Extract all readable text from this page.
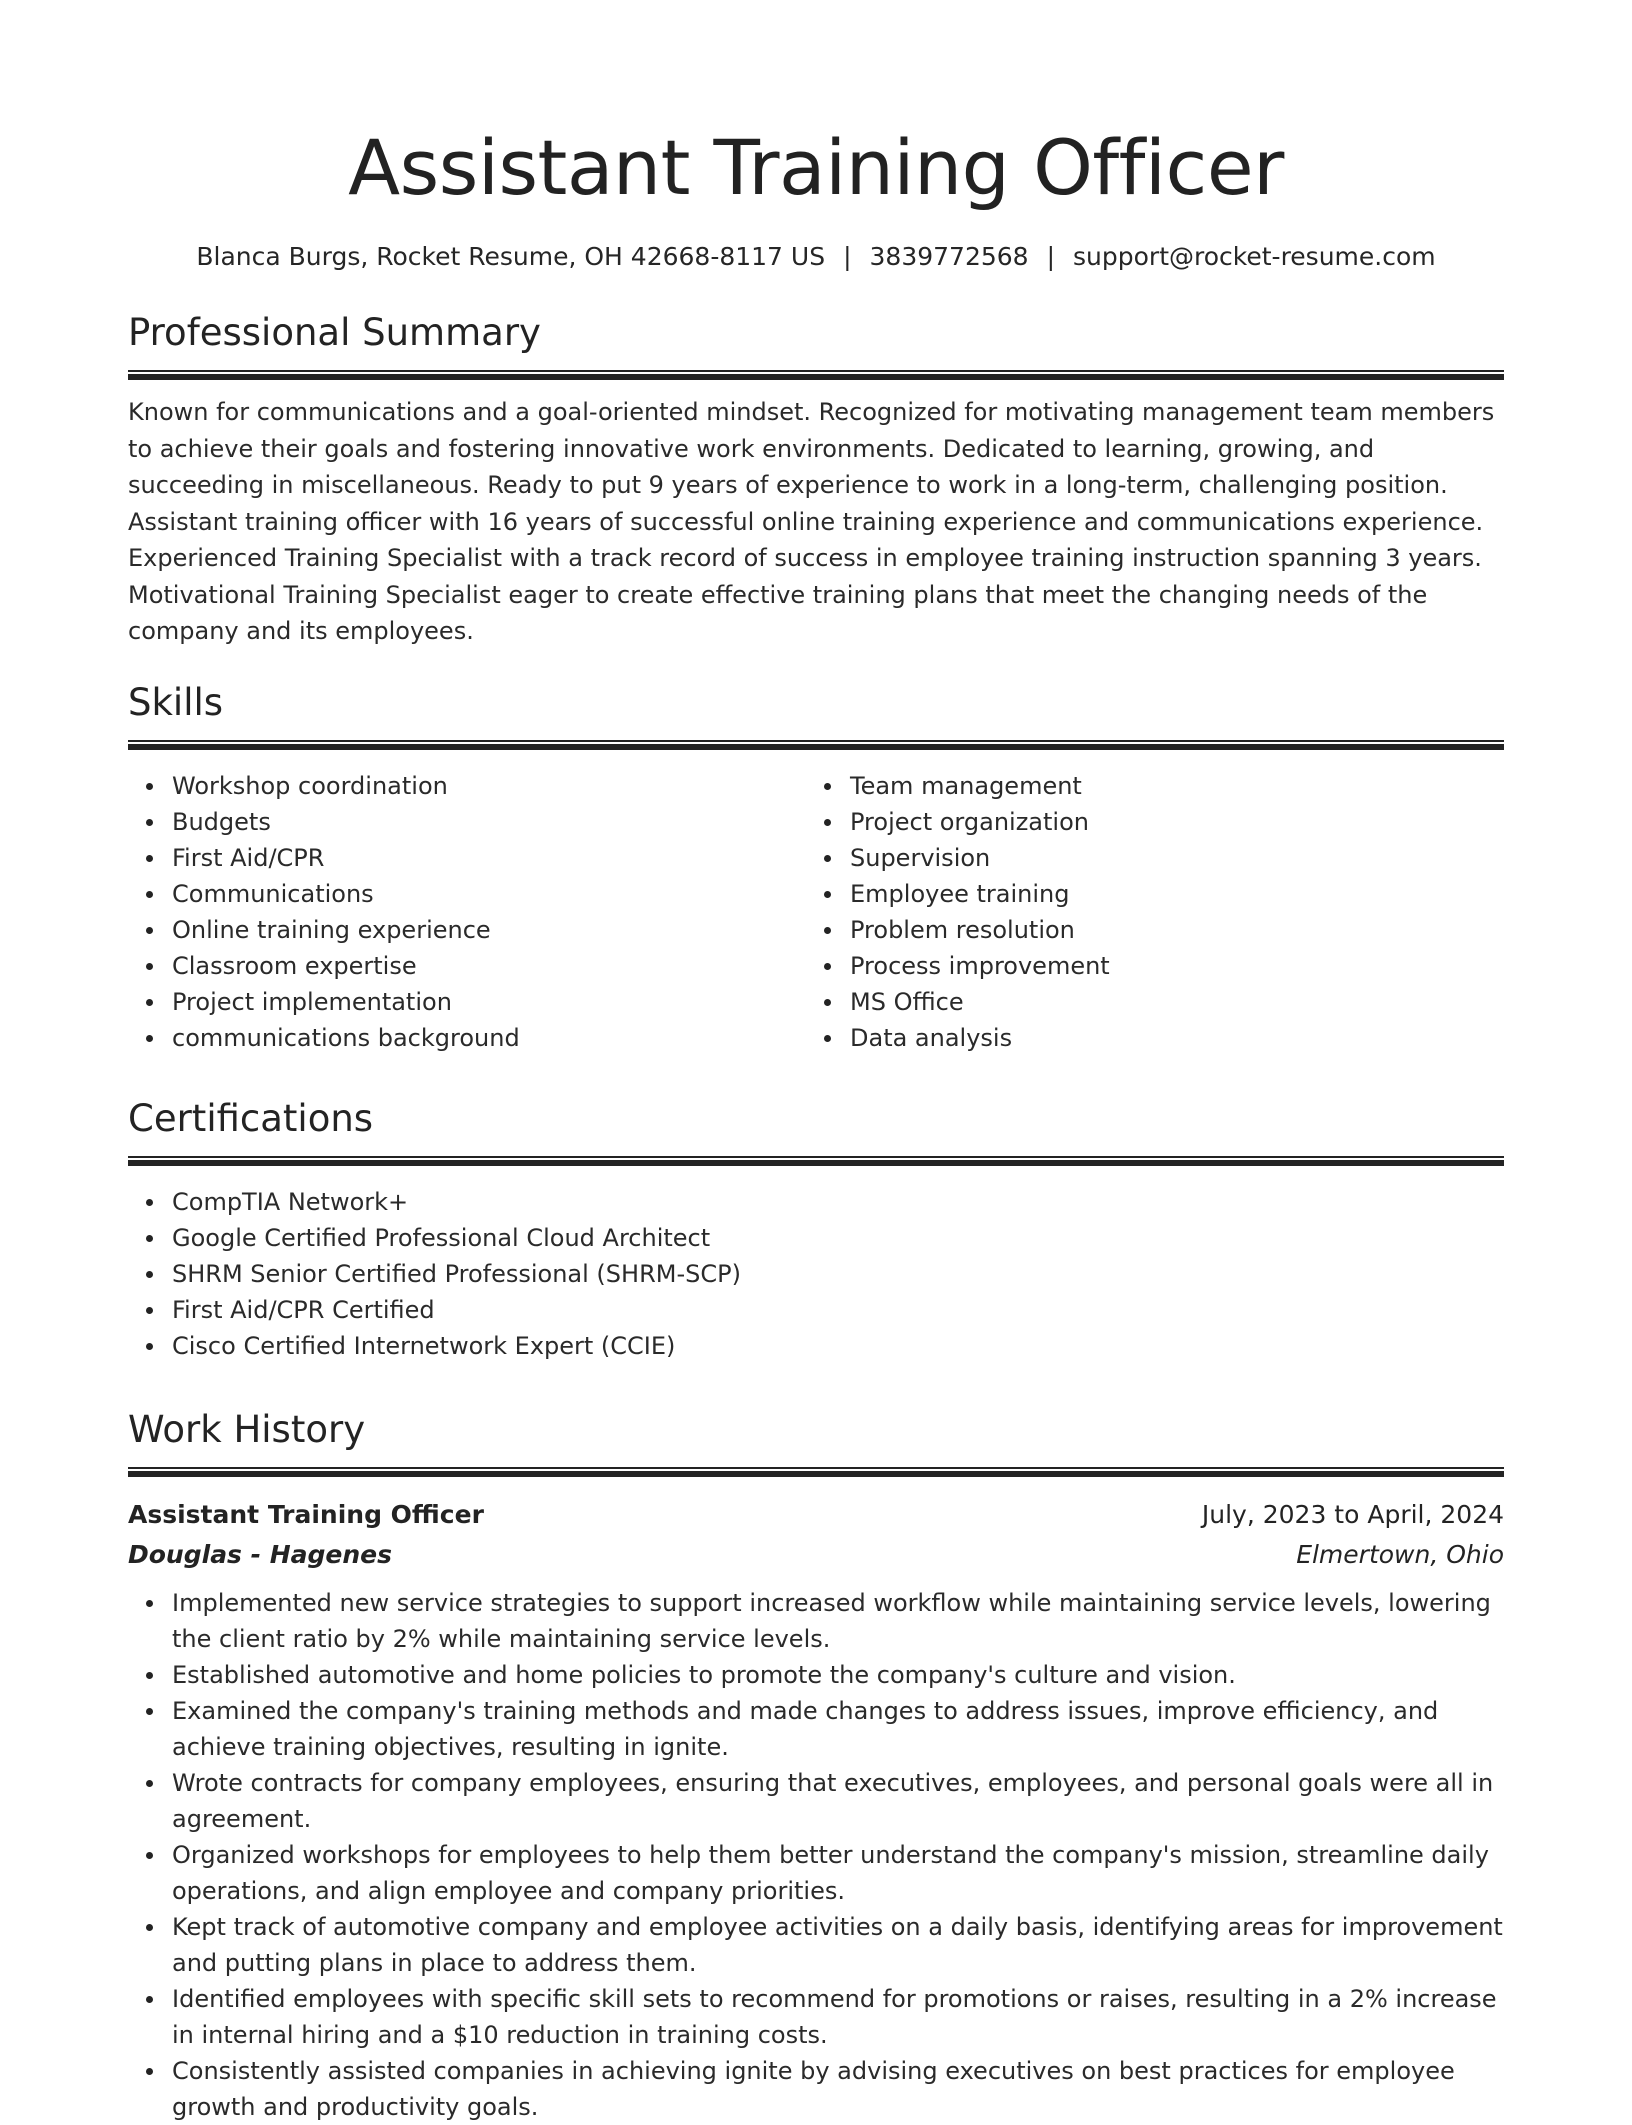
Assistant Training Officer
Blanca Burgs, Rocket Resume, OH 42668-8117 US | 3839772568 | support@rocket-resume.com
Professional Summary

Known for communications and a goal-oriented mindset. Recognized for motivating management team members to achieve their goals and fostering innovative work environments. Dedicated to learning, growing, and succeeding in miscellaneous. Ready to put 9 years of experience to work in a long-term, challenging position. Assistant training officer with 16 years of successful online training experience and communications experience. Experienced Training Specialist with a track record of success in employee training instruction spanning 3 years. Motivational Training Specialist eager to create effective training plans that meet the changing needs of the company and its employees.

Skills
Workshop coordination
Budgets
First Aid/CPR
Communications
Online training experience
Classroom expertise
Project implementation
communications background
Team management
Project organization
Supervision
Employee training
Problem resolution
Process improvement
MS Office
Data analysis
Certifications
CompTIA Network+
Google Certified Professional Cloud Architect
SHRM Senior Certified Professional (SHRM-SCP)
First Aid/CPR Certified
Cisco Certified Internetwork Expert (CCIE)
Work History
Assistant Training Officer	July, 2023 to April, 2024
Douglas - Hagenes	Elmertown, Ohio
Implemented new service strategies to support increased workflow while maintaining service levels, lowering the client ratio by 2% while maintaining service levels.
Established automotive and home policies to promote the company's culture and vision.
Examined the company's training methods and made changes to address issues, improve efficiency, and achieve training objectives, resulting in ignite.
Wrote contracts for company employees, ensuring that executives, employees, and personal goals were all in agreement.
Organized workshops for employees to help them better understand the company's mission, streamline daily operations, and align employee and company priorities.
Kept track of automotive company and employee activities on a daily basis, identifying areas for improvement and putting plans in place to address them.
Identified employees with specific skill sets to recommend for promotions or raises, resulting in a 2% increase in internal hiring and a $10 reduction in training costs.
Consistently assisted companies in achieving ignite by advising executives on best practices for employee growth and productivity goals.
